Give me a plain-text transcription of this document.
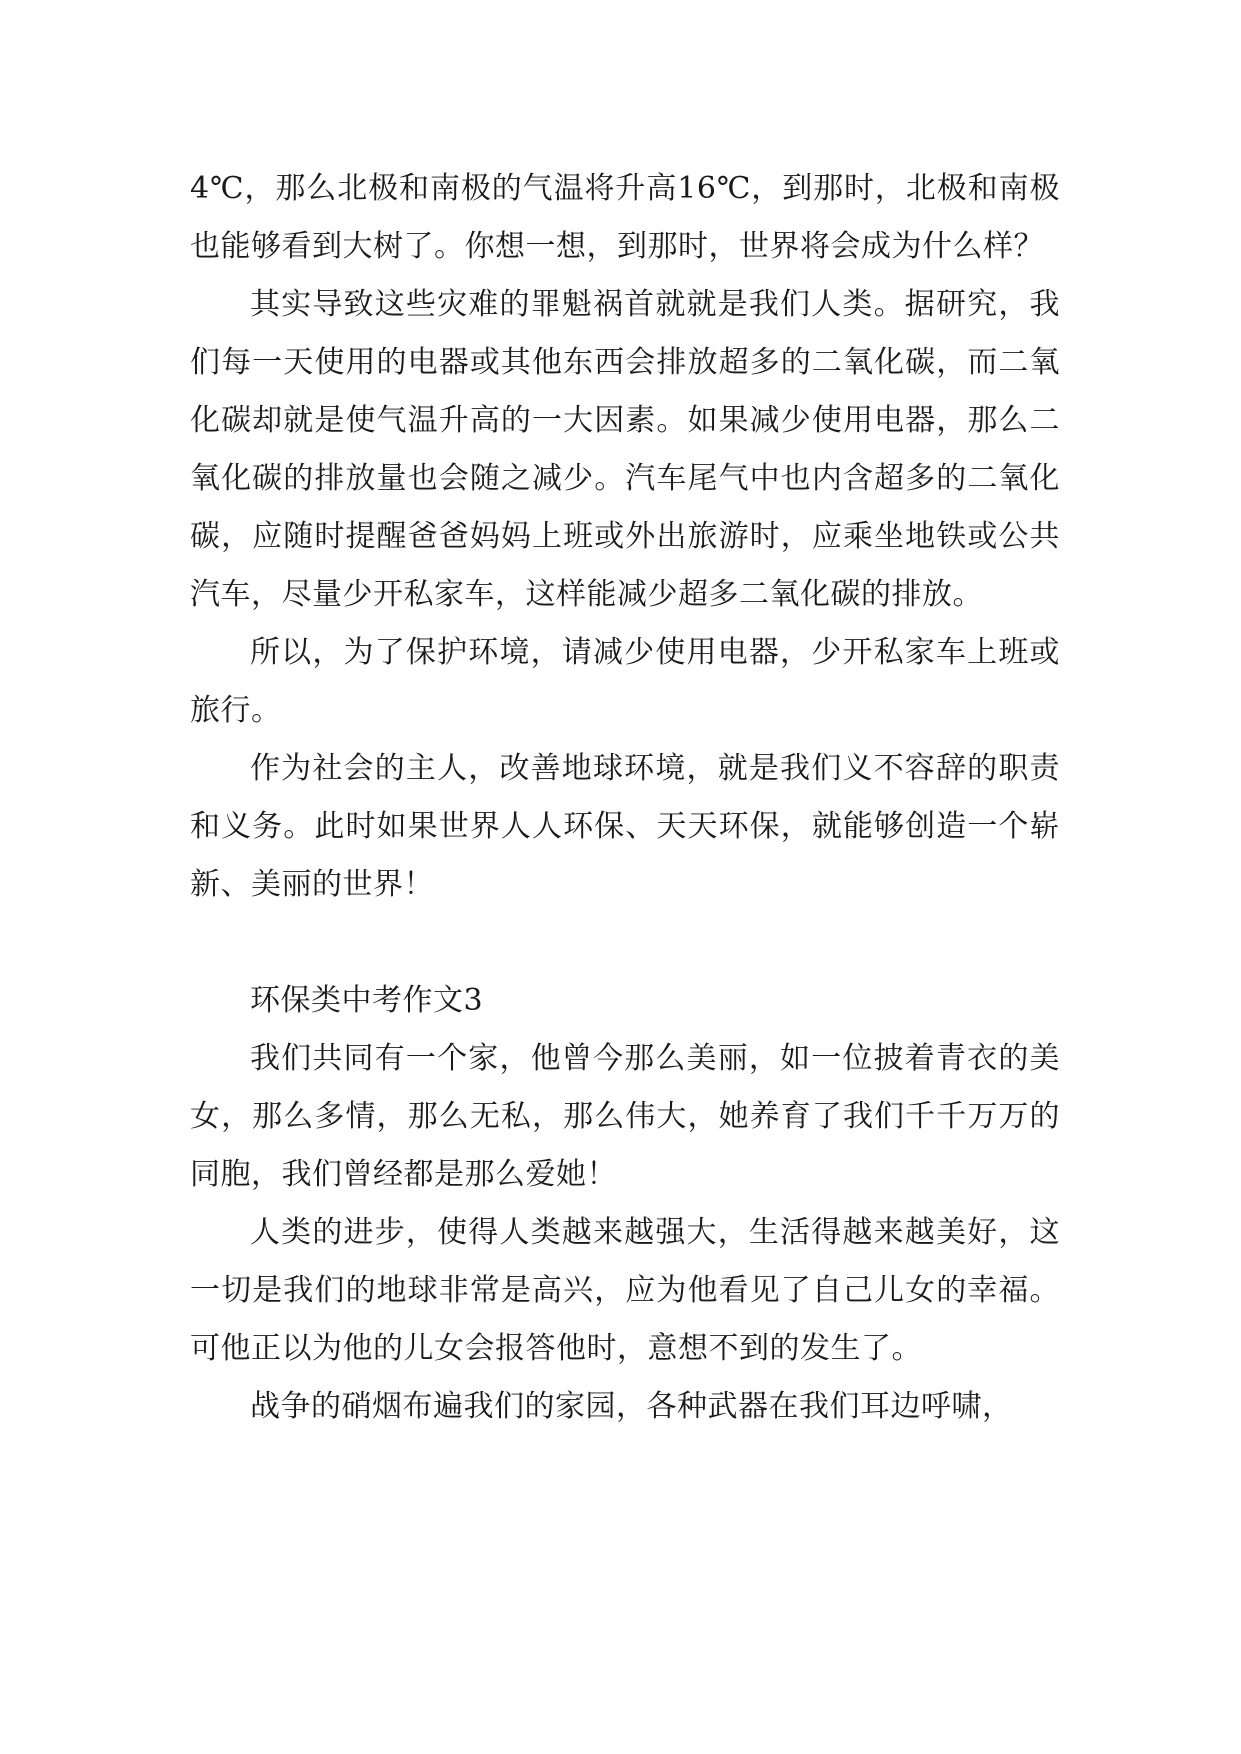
4℃，那么北极和南极的气温将升高16℃，到那时，北极和南极也能够看到大树了。你想一想，到那时，世界将会成为什么样？

其实导致这些灾难的罪魁祸首就就是我们人类。据研究，我们每一天使用的电器或其他东西会排放超多的二氧化碳，而二氧化碳却就是使气温升高的一大因素。如果减少使用电器，那么二氧化碳的排放量也会随之减少。汽车尾气中也内含超多的二氧化碳，应随时提醒爸爸妈妈上班或外出旅游时，应乘坐地铁或公共汽车，尽量少开私家车，这样能减少超多二氧化碳的排放。

所以，为了保护环境，请减少使用电器，少开私家车上班或旅行。

作为社会的主人，改善地球环境，就是我们义不容辞的职责和义务。此时如果世界人人环保、天天环保，就能够创造一个崭新、美丽的世界！

环保类中考作文3

我们共同有一个家，他曾今那么美丽，如一位披着青衣的美女，那么多情，那么无私，那么伟大，她养育了我们千千万万的同胞，我们曾经都是那么爱她！

人类的进步，使得人类越来越强大，生活得越来越美好，这一切是我们的地球非常是高兴，应为他看见了自己儿女的幸福。可他正以为他的儿女会报答他时，意想不到的发生了。

战争的硝烟布遍我们的家园，各种武器在我们耳边呼啸，
